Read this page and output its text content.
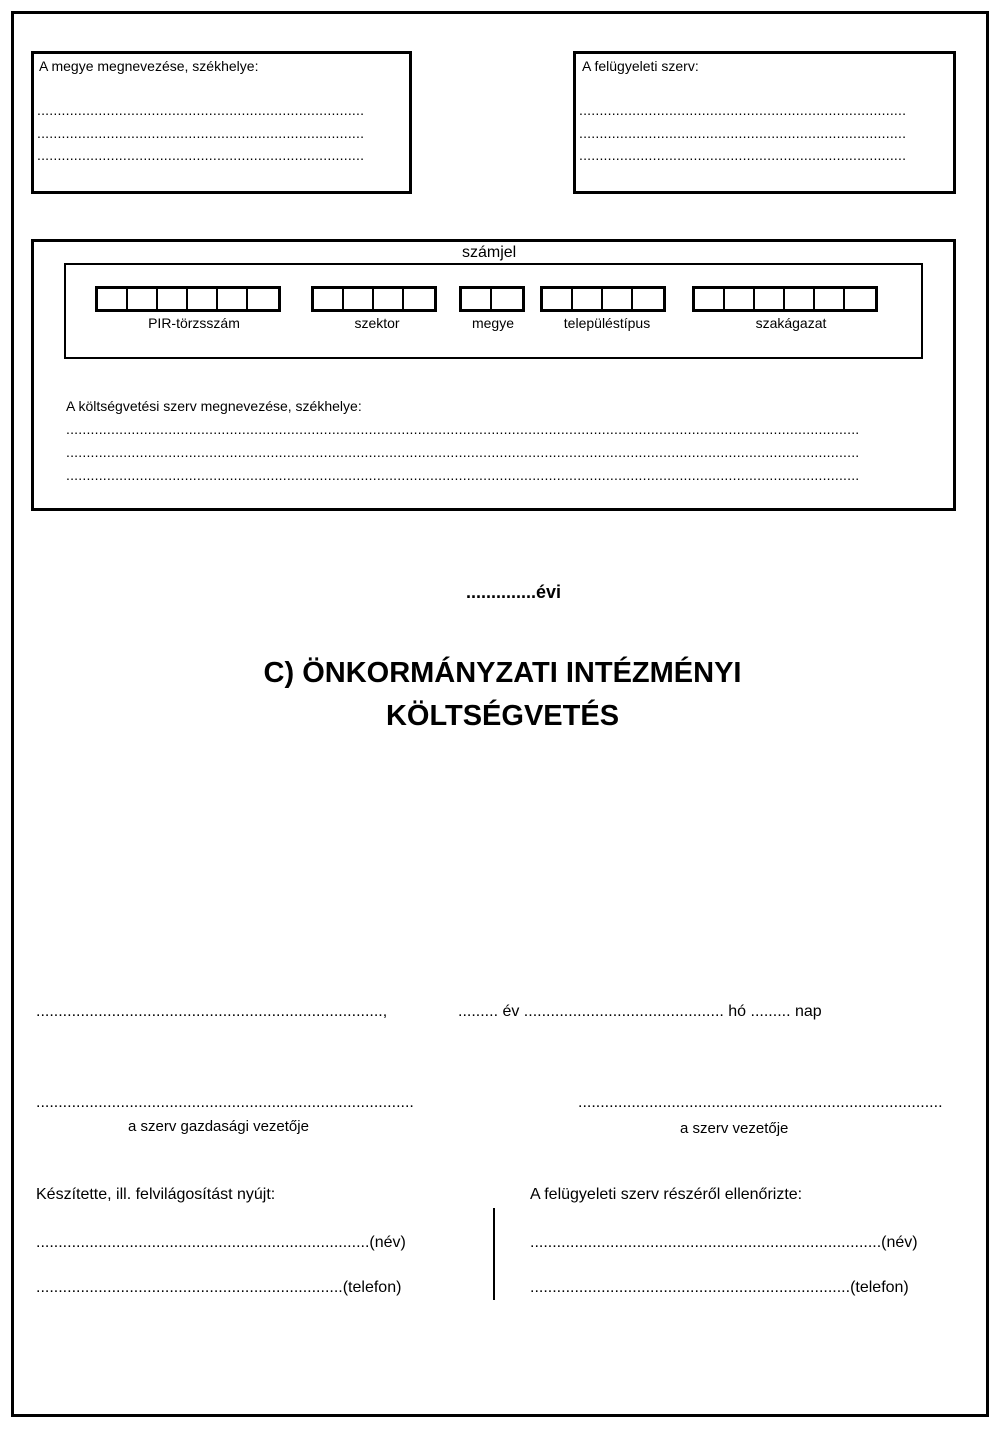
A megye megnevezése, székhelye:
................................................................................
................................................................................
................................................................................
A felügyeleti szerv:
................................................................................
................................................................................
................................................................................
számjel
PIR-törzsszám	szektor	megye	településtípus	szakágazat
A költségvetési szerv megnevezése, székhelye:
..................................................................................................................................................................................................
..................................................................................................................................................................................................
..................................................................................................................................................................................................
..............évi
C) ÖNKORMÁNYZATI INTÉZMÉNYI
KÖLTSÉGVETÉS
..............................................................................,	......... év ............................................. hó ......... nap
.....................................................................................
a szerv gazdasági vezetője
..................................................................................
a szerv vezetője
Készítette, ill. felvilágosítást nyújt:
...........................................................................(név)
.....................................................................(telefon)
A felügyeleti szerv részéről ellenőrizte:
...............................................................................(név)
........................................................................(telefon)
